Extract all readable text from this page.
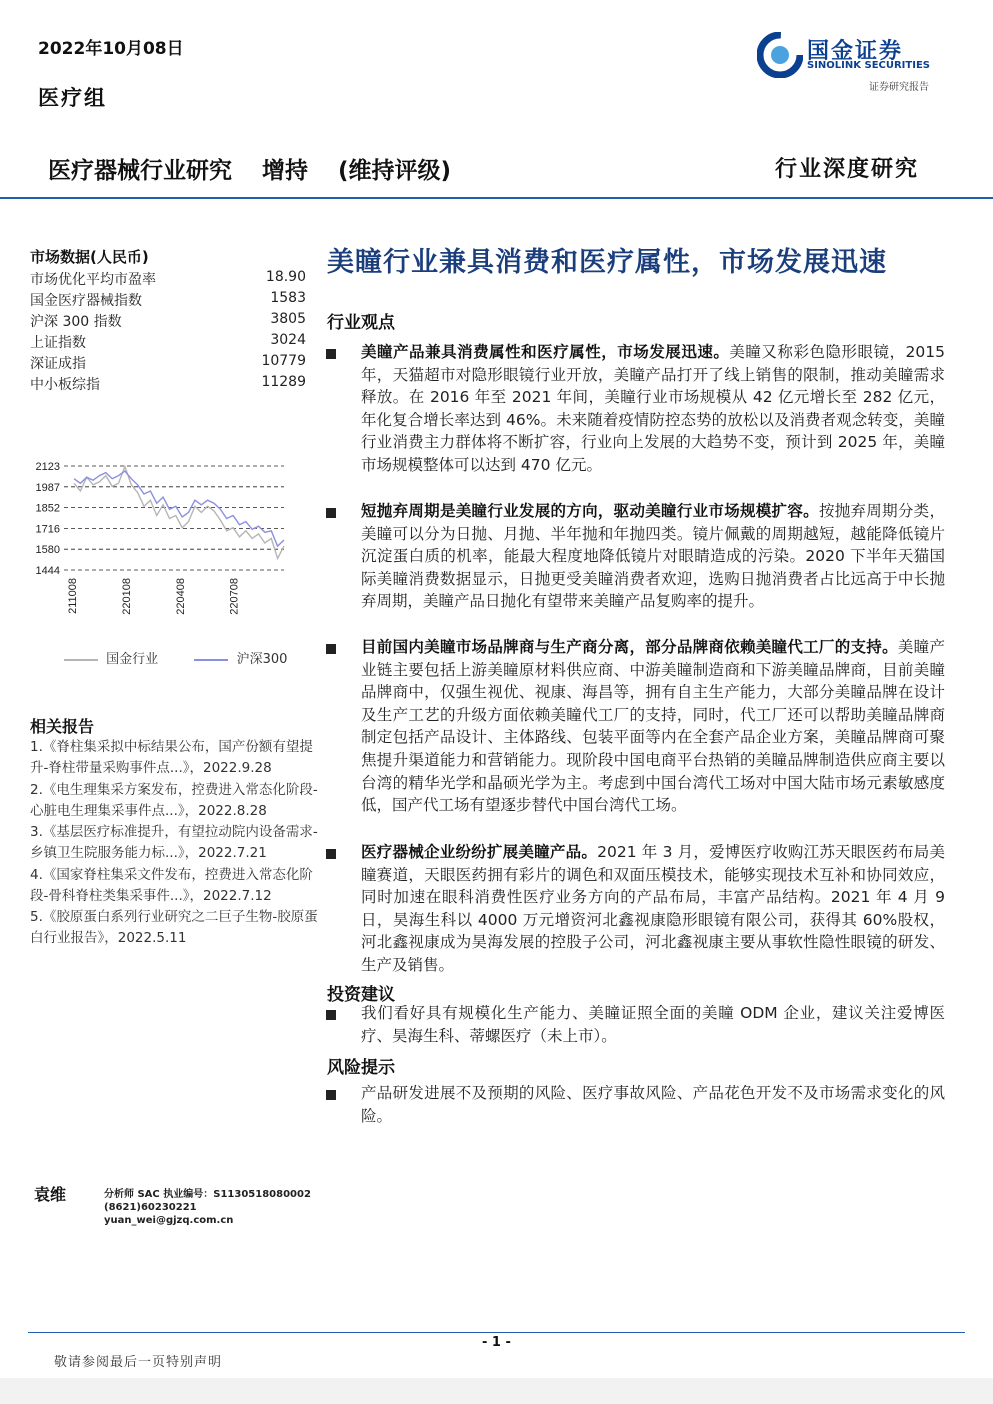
2022年10月08日
医疗组
国金证券
SINOLINK SECURITIES
证券研究报告
医疗器械行业研究 增持 (维持评级)	行业深度研究
市场数据(人民币)
市场优化平均市盈率	18.90
国金医疗器械指数	1583
沪深 300 指数	3805
上证指数	3024
深证成指	10779
中小板综指	11289
2123
1987
1852
1716
1580
1444
211008	220108	220408	220708
国金行业	沪深300
相关报告
1.《脊柱集采拟中标结果公布，国产份额有望提升-脊柱带量采购事件点...》，2022.9.28
2.《电生理集采方案发布，控费进入常态化阶段-心脏电生理集采事件点...》，2022.8.28
3.《基层医疗标准提升，有望拉动院内设备需求-乡镇卫生院服务能力标...》，2022.7.21
4.《国家脊柱集采文件发布，控费进入常态化阶段-骨科脊柱类集采事件...》，2022.7.12
5.《胶原蛋白系列行业研究之二巨子生物-胶原蛋白行业报告》，2022.5.11
袁维	分析师 SAC 执业编号：S1130518080002
(8621)60230221
yuan_wei@gjzq.com.cn
美瞳行业兼具消费和医疗属性，市场发展迅速
行业观点
美瞳产品兼具消费属性和医疗属性，市场发展迅速。美瞳又称彩色隐形眼镜，2015 年，天猫超市对隐形眼镜行业开放，美瞳产品打开了线上销售的限制，推动美瞳需求释放。在 2016 年至 2021 年间，美瞳行业市场规模从 42 亿元增长至 282 亿元，年化复合增长率达到 46%。未来随着疫情防控态势的放松以及消费者观念转变，美瞳行业消费主力群体将不断扩容，行业向上发展的大趋势不变，预计到 2025 年，美瞳市场规模整体可以达到 470 亿元。
短抛弃周期是美瞳行业发展的方向，驱动美瞳行业市场规模扩容。按抛弃周期分类，美瞳可以分为日抛、月抛、半年抛和年抛四类。镜片佩戴的周期越短，越能降低镜片沉淀蛋白质的机率，能最大程度地降低镜片对眼睛造成的污染。2020 下半年天猫国际美瞳消费数据显示，日抛更受美瞳消费者欢迎，选购日抛消费者占比远高于中长抛弃周期，美瞳产品日抛化有望带来美瞳产品复购率的提升。
目前国内美瞳市场品牌商与生产商分离，部分品牌商依赖美瞳代工厂的支持。美瞳产业链主要包括上游美瞳原材料供应商、中游美瞳制造商和下游美瞳品牌商，目前美瞳品牌商中，仅强生视优、视康、海昌等，拥有自主生产能力，大部分美瞳品牌在设计及生产工艺的升级方面依赖美瞳代工厂的支持，同时，代工厂还可以帮助美瞳品牌商制定包括产品设计、主体路线、包装平面等内在全套产品企业方案，美瞳品牌商可聚焦提升渠道能力和营销能力。现阶段中国电商平台热销的美瞳品牌制造供应商主要以台湾的精华光学和晶硕光学为主。考虑到中国台湾代工场对中国大陆市场元素敏感度低，国产代工场有望逐步替代中国台湾代工场。
医疗器械企业纷纷扩展美瞳产品。2021 年 3 月，爱博医疗收购江苏天眼医药布局美瞳赛道，天眼医药拥有彩片的调色和双面压模技术，能够实现技术互补和协同效应，同时加速在眼科消费性医疗业务方向的产品布局，丰富产品结构。2021 年 4 月 9 日，昊海生科以 4000 万元增资河北鑫视康隐形眼镜有限公司，获得其 60%股权，河北鑫视康成为昊海发展的控股子公司，河北鑫视康主要从事软性隐性眼镜的研发、生产及销售。
投资建议
我们看好具有规模化生产能力、美瞳证照全面的美瞳 ODM 企业，建议关注爱博医疗、昊海生科、蒂螺医疗（未上市）。
风险提示
产品研发进展不及预期的风险、医疗事故风险、产品花色开发不及市场需求变化的风险。
- 1 -
敬请参阅最后一页特别声明
